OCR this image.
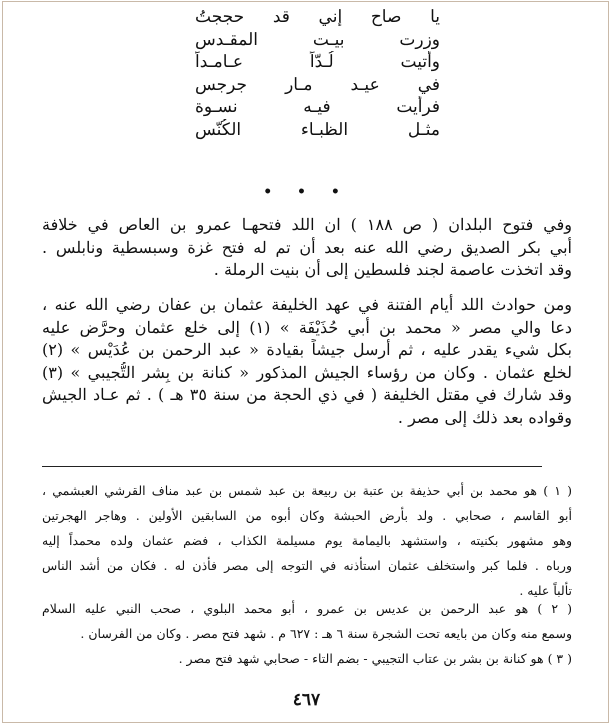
يا صاح إني قد حججتُ
وزرت بيـت المقـدس
وأتيت لُـدّاً عـامـداً
في عيـد مـار جرجس
فرأيت فيـه نسـوة
مثـل الظبـاء الكُنّس
• • •
وفي فتوح البلدان ( ص ١٨٨ ) ان اللد فتحهـا عمرو بن العاص في خلافة
أبي بكر الصديق رضي الله عنه بعد أن تم له فتح غزة وسبسطية ونابلس .
وقد اتخذت عاصمة لجند فلسطين إلى أن بنيت الرملة .
ومن حوادث اللد أيام الفتنة في عهد الخليفة عثمان بن عفان رضي الله عنه ،
دعا والي مصر « محمد بن أبي حُذَيْفَة » (١) إلى خلع عثمان وحرَّض عليه
بكل شيء يقدر عليه ، ثم أرسل جيشاً بقيادة « عبد الرحمن بن عُدَيْس » (٢)
لخلع عثمان . وكان من رؤساء الجيش المذكور « كنانة بن بِشر التُّجيبي » (٣)
وقد شارك في مقتل الخليفة ( في ذي الحجة من سنة ٣٥ هـ ) . ثم عـاد الجيش
وقواده بعد ذلك إلى مصر .
( ١ ) هو محمد بن أبي حذيفة بن عتبة بن ربيعة بن عبد شمس بن عبد مناف القرشي العبشمي ،
أبو القاسم ، صحابي . ولد بأرض الحبشة وكان أبوه من السابقين الأولين . وهاجر الهجرتين
وهو مشهور بكنيته ، واستشهد باليمامة يوم مسيلمة الكذاب ، فضم عثمان ولده محمداً إليه
ورباه . فلما كبر واستخلف عثمان استأذنه في التوجه إلى مصر فأذن له . فكان من أشد الناس
تألباً عليه .
( ٢ ) هو عبد الرحمن بن عديس بن عمرو ، أبو محمد البلوي ، صحب النبي عليه السلام
وسمع منه وكان من بايعه تحت الشجرة سنة ٦ هـ : ٦٢٧ م . شهد فتح مصر . وكان من الفرسان .
( ٣ ) هو كنانة بن بشر بن عتاب التجيبي - بضم التاء - صحابي شهد فتح مصر .
٤٦٧
